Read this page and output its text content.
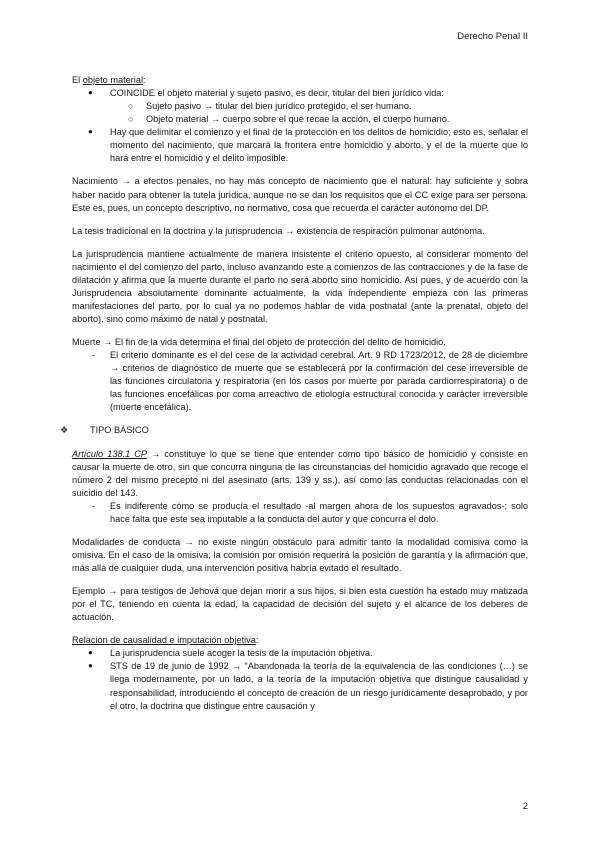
Derecho Penal II

El objeto material:

● COINCIDE el objeto material y sujeto pasivo, es decir, titular del bien jurídico vida:
○ Sujeto pasivo → titular del bien jurídico protegido, el ser humano.
○ Objeto material → cuerpo sobre el que recae la acción, el cuerpo humano.
● Hay que delimitar el comienzo y el final de la protección en los delitos de homicidio; esto es, señalar el momento del nacimiento, que marcará la frontera entre homicidio y aborto, y el de la muerte que lo hará entre el homicidio y el delito imposible.

Nacimiento → a efectos penales, no hay más concepto de nacimiento que el natural: hay suficiente y sobra haber nacido para obtener la tutela jurídica, aunque no se dan los requisitos que el CC exige para ser persona. Este es, pues, un concepto descriptivo, no normativo, cosa que recuerda el carácter autónomo del DP.

La tesis tradicional en la doctrina y la jurisprudencia → existencia de respiración pulmonar autónoma.

La jurisprudencia mantiene actualmente de manera insistente el criterio opuesto, al considerar momento del nacimiento el del comienzo del parto, incluso avanzando este a comienzos de las contracciones y de la fase de dilatación y afirma que la muerte durante el parto no será aborto sino homicidio. Así pues, y de acuerdo con la Jurisprudencia absolutamente dominante actualmente, la vida independiente empieza con las primeras manifestaciones del parto, por lo cual ya no podemos hablar de vida postnatal (ante la prenatal, objeto del aborto), sino como máximo de natal y postnatal.

Muerte → El fin de la vida determina el final del objeto de protección del delito de homicidio.

- El criterio dominante es el del cese de la actividad cerebral. Art. 9 RD 1723/2012, de 28 de diciembre → criterios de diagnóstico de muerte que se establecerá por la confirmación del cese irreversible de las funciones circulatoria y respiratoria (en los casos por muerte por parada cardiorrespiratoria) o de las funciones encefálicas por coma arreactivo de etiología estructural conocida y carácter irreversible (muerte encefálica).
❖ TIPO BÁSICO

Artículo 138.1 CP → constituye lo que se tiene que entender como tipo básico de homicidio y consiste en causar la muerte de otro, sin que concurra ninguna de las circunstancias del homicidio agravado que recoge el número 2 del mismo precepto ni del asesinato (arts. 139 y ss.), así como las conductas relacionadas con el suicidio del 143.

- Es indiferente cómo se producía el resultado -al margen ahora de los supuestos agravados-; solo hace falta que este sea imputable a la conducta del autor y que concurra el dolo.

Modalidades de conducta → no existe ningún obstáculo para admitir tanto la modalidad comisiva como la omisiva. En el caso de la omisiva, la comisión por omisión requerirá la posición de garantía y la afirmación que, más allá de cualquier duda, una intervención positiva habría evitado el resultado.

Ejemplo → para testigos de Jehová que dejan morir a sus hijos, si bien esta cuestión ha estado muy matizada por el TC, teniendo en cuenta la edad, la capacidad de decisión del sujeto y el alcance de los deberes de actuación.

Relación de causalidad e imputación objetiva:

● La jurisprudencia suele acoger la tesis de la imputación objetiva.
● STS de 19 de junio de 1992 → “Abandonada la teoría de la equivalencia de las condiciones (…) se llega modernamente, por un lado, a la teoría de la imputación objetiva que distingue causalidad y responsabilidad, introduciendo el concepto de creación de un riesgo jurídicamente desaprobado, y por el otro, la doctrina que distingue entre causación y
2
